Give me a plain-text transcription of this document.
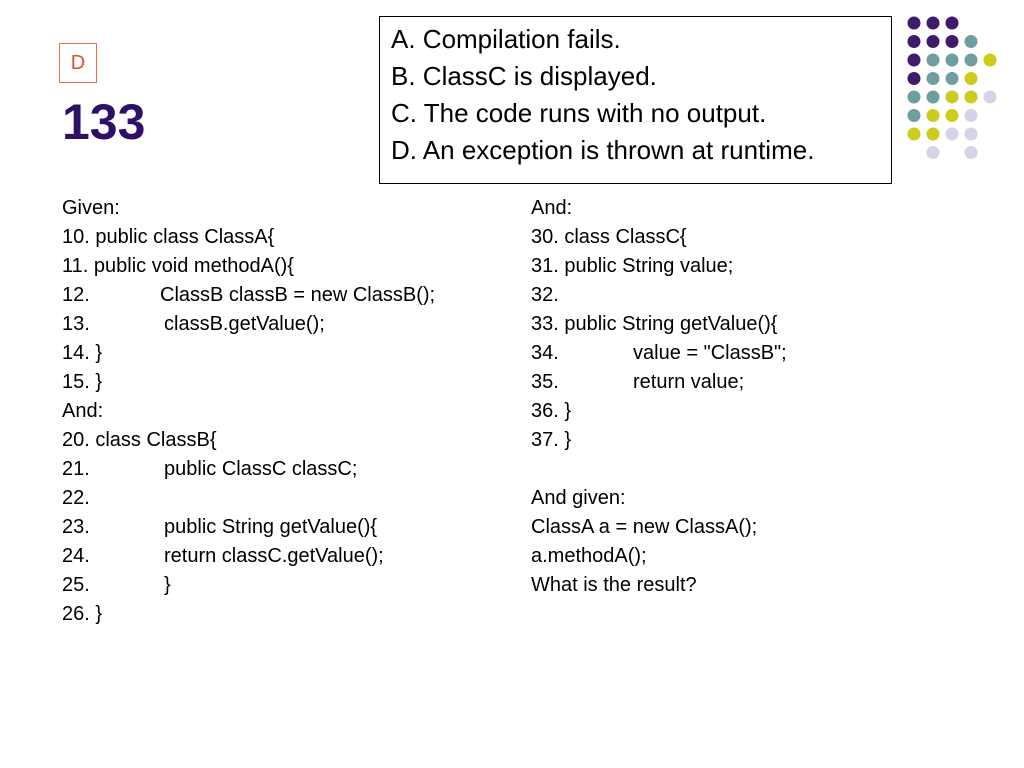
D
133
A. Compilation fails.
B. ClassC is displayed.
C. The code runs with no output.
D. An exception is thrown at runtime.
Given:
10. public class ClassA{
11. public void methodA(){
12.	ClassB classB = new ClassB();
13.	classB.getValue();
14. }
15. }
And:
20. class ClassB{
21.	public ClassC classC;
22.
23.	public String getValue(){
24.	return classC.getValue();
25.	}
26. }
And:
30. class ClassC{
31. public String value;
32.
33. public String getValue(){
34.	value = "ClassB";
35.	return value;
36. }
37. }
And given:
ClassA a = new ClassA();
a.methodA();
What is the result?
